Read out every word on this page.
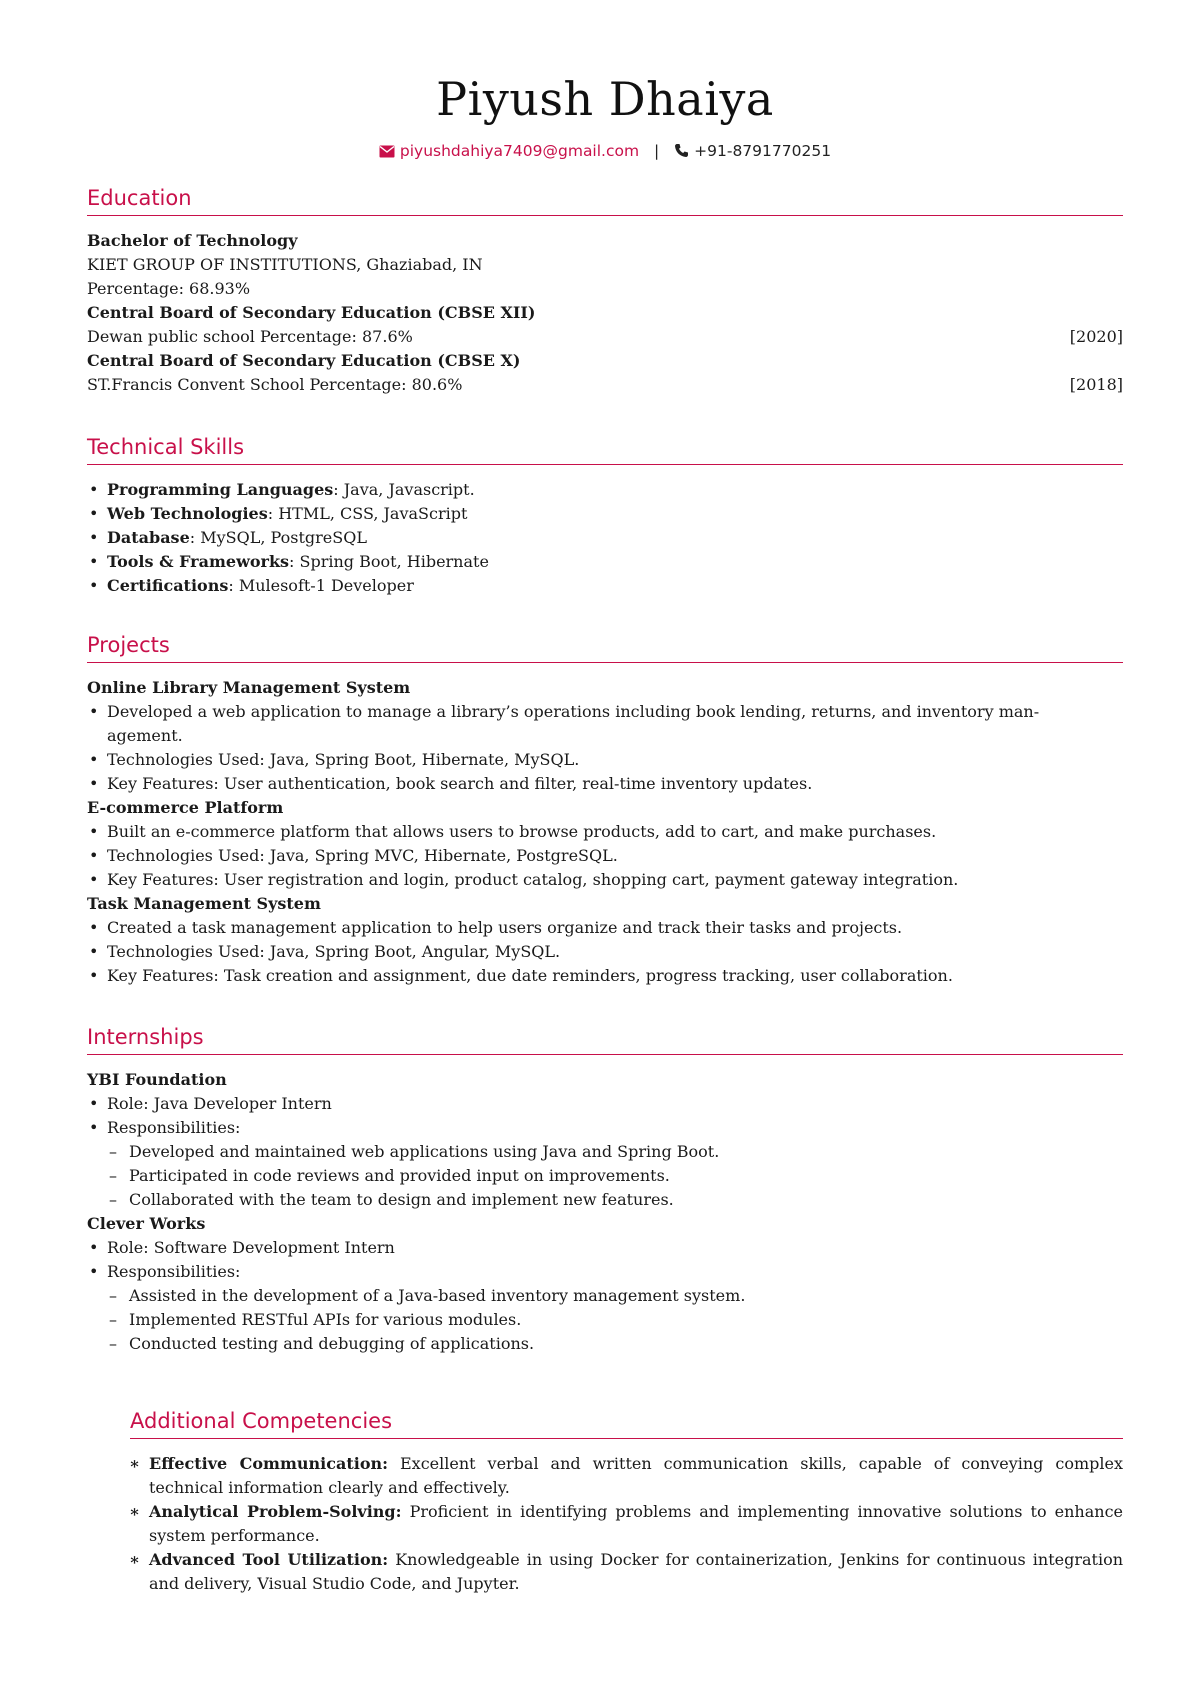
Piyush Dhaiya
piyushdahiya7409@gmail.com | +91-8791770251
Education
Bachelor of Technology
KIET GROUP OF INSTITUTIONS, Ghaziabad, IN
Percentage: 68.93%
Central Board of Secondary Education (CBSE XII)
Dewan public school Percentage: 87.6%	[2020]
Central Board of Secondary Education (CBSE X)
ST.Francis Convent School Percentage: 80.6%	[2018]
Technical Skills
• Programming Languages: Java, Javascript.
• Web Technologies: HTML, CSS, JavaScript
• Database: MySQL, PostgreSQL
• Tools & Frameworks: Spring Boot, Hibernate
• Certifications: Mulesoft-1 Developer
Projects
Online Library Management System
• Developed a web application to manage a library’s operations including book lending, returns, and inventory man-
agement.
• Technologies Used: Java, Spring Boot, Hibernate, MySQL.
• Key Features: User authentication, book search and filter, real-time inventory updates.
E-commerce Platform
• Built an e-commerce platform that allows users to browse products, add to cart, and make purchases.
• Technologies Used: Java, Spring MVC, Hibernate, PostgreSQL.
• Key Features: User registration and login, product catalog, shopping cart, payment gateway integration.
Task Management System
• Created a task management application to help users organize and track their tasks and projects.
• Technologies Used: Java, Spring Boot, Angular, MySQL.
• Key Features: Task creation and assignment, due date reminders, progress tracking, user collaboration.
Internships
YBI Foundation
• Role: Java Developer Intern
• Responsibilities:
– Developed and maintained web applications using Java and Spring Boot.
– Participated in code reviews and provided input on improvements.
– Collaborated with the team to design and implement new features.
Clever Works
• Role: Software Development Intern
• Responsibilities:
– Assisted in the development of a Java-based inventory management system.
– Implemented RESTful APIs for various modules.
– Conducted testing and debugging of applications.
Additional Competencies
∗ Effective Communication: Excellent verbal and written communication skills, capable of conveying complex technical information clearly and effectively.
∗ Analytical Problem-Solving: Proficient in identifying problems and implementing innovative solutions to enhance system performance.
∗ Advanced Tool Utilization: Knowledgeable in using Docker for containerization, Jenkins for continuous integration and delivery, Visual Studio Code, and Jupyter.
